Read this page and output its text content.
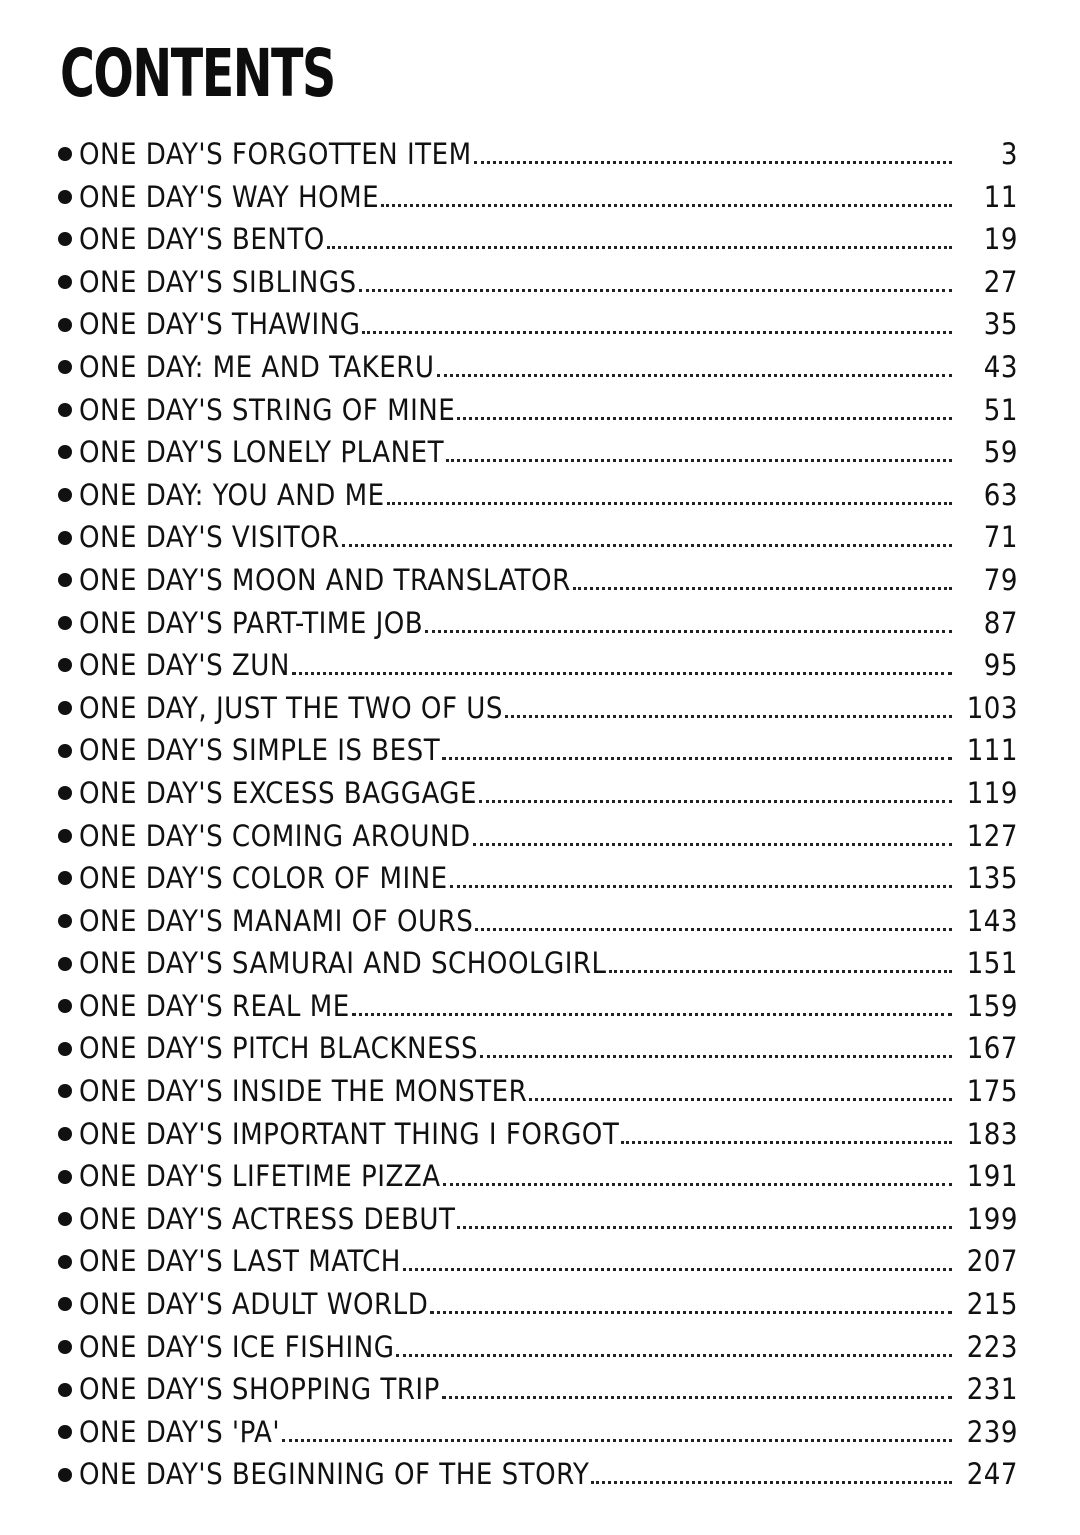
CONTENTS
ONE DAY'S FORGOTTEN ITEM	3
ONE DAY'S WAY HOME	11
ONE DAY'S BENTO	19
ONE DAY'S SIBLINGS	27
ONE DAY'S THAWING	35
ONE DAY: ME AND TAKERU	43
ONE DAY'S STRING OF MINE	51
ONE DAY'S LONELY PLANET	59
ONE DAY: YOU AND ME	63
ONE DAY'S VISITOR	71
ONE DAY'S MOON AND TRANSLATOR	79
ONE DAY'S PART-TIME JOB	87
ONE DAY'S ZUN	95
ONE DAY, JUST THE TWO OF US	103
ONE DAY'S SIMPLE IS BEST	111
ONE DAY'S EXCESS BAGGAGE	119
ONE DAY'S COMING AROUND	127
ONE DAY'S COLOR OF MINE	135
ONE DAY'S MANAMI OF OURS	143
ONE DAY'S SAMURAI AND SCHOOLGIRL	151
ONE DAY'S REAL ME	159
ONE DAY'S PITCH BLACKNESS	167
ONE DAY'S INSIDE THE MONSTER	175
ONE DAY'S IMPORTANT THING I FORGOT	183
ONE DAY'S LIFETIME PIZZA	191
ONE DAY'S ACTRESS DEBUT	199
ONE DAY'S LAST MATCH	207
ONE DAY'S ADULT WORLD	215
ONE DAY'S ICE FISHING	223
ONE DAY'S SHOPPING TRIP	231
ONE DAY'S 'PA'	239
ONE DAY'S BEGINNING OF THE STORY	247
